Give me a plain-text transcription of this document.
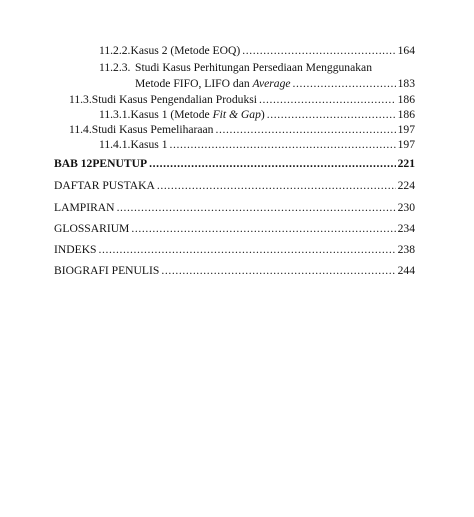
11.2.2. Kasus 2 (Metode EOQ) .....	164
11.2.3. Studi Kasus Perhitungan Persediaan Menggunakan
Metode FIFO, LIFO dan Average .....	183
11.3. Studi Kasus Pengendalian Produksi .....	186
11.3.1. Kasus 1 (Metode Fit & Gap) .....	186
11.4. Studi Kasus Pemeliharaan .....	197
11.4.1. Kasus 1 .....	197
BAB 12 PENUTUP .....	221
DAFTAR PUSTAKA .....	224
LAMPIRAN .....	230
GLOSSARIUM .....	234
INDEKS .....	238
BIOGRAFI PENULIS .....	244
